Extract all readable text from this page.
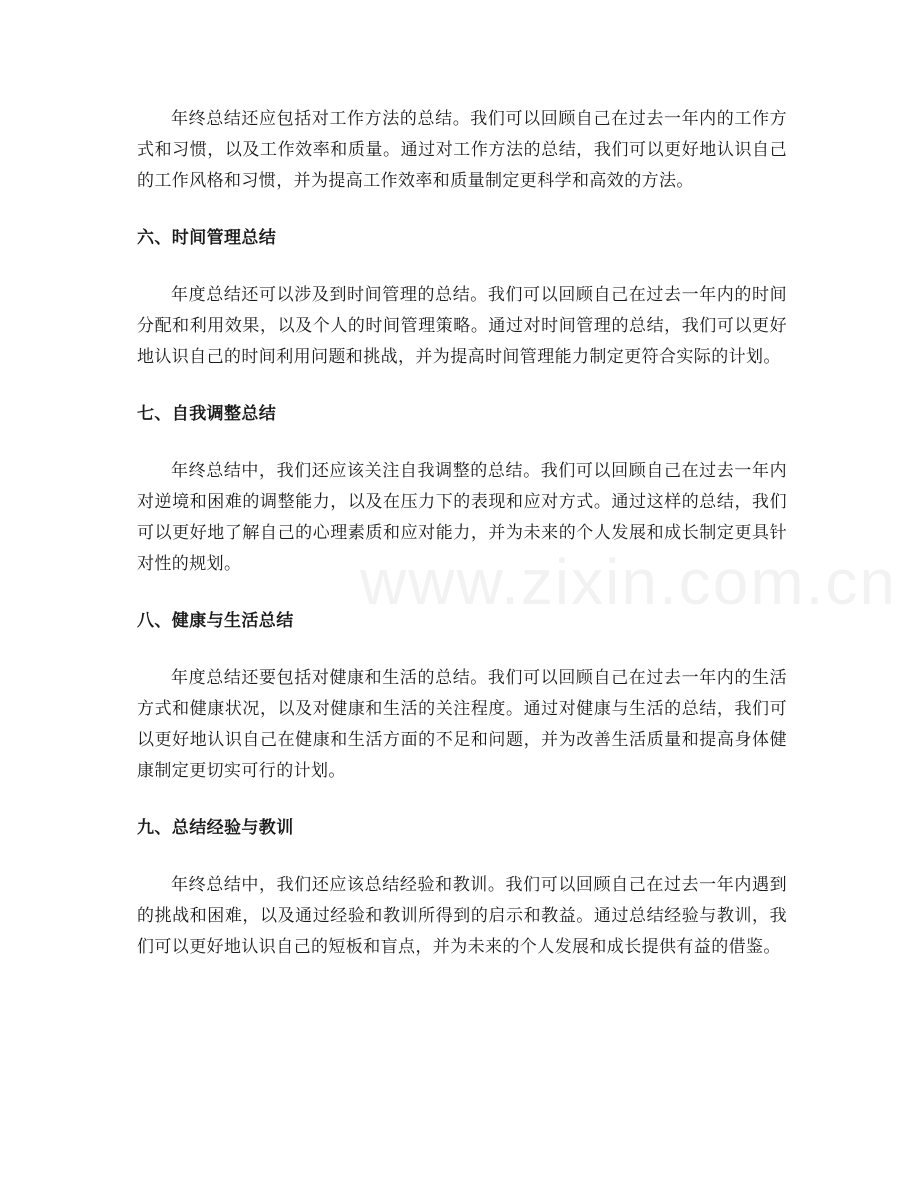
www.zixin.com.cn

年终总结还应包括对工作方法的总结。我们可以回顾自己在过去一年内的工作方式和习惯，以及工作效率和质量。通过对工作方法的总结，我们可以更好地认识自己的工作风格和习惯，并为提高工作效率和质量制定更科学和高效的方法。

六、时间管理总结

年度总结还可以涉及到时间管理的总结。我们可以回顾自己在过去一年内的时间分配和利用效果，以及个人的时间管理策略。通过对时间管理的总结，我们可以更好地认识自己的时间利用问题和挑战，并为提高时间管理能力制定更符合实际的计划。

七、自我调整总结

年终总结中，我们还应该关注自我调整的总结。我们可以回顾自己在过去一年内对逆境和困难的调整能力，以及在压力下的表现和应对方式。通过这样的总结，我们可以更好地了解自己的心理素质和应对能力，并为未来的个人发展和成长制定更具针对性的规划。

八、健康与生活总结

年度总结还要包括对健康和生活的总结。我们可以回顾自己在过去一年内的生活方式和健康状况，以及对健康和生活的关注程度。通过对健康与生活的总结，我们可以更好地认识自己在健康和生活方面的不足和问题，并为改善生活质量和提高身体健康制定更切实可行的计划。

九、总结经验与教训

年终总结中，我们还应该总结经验和教训。我们可以回顾自己在过去一年内遇到的挑战和困难，以及通过经验和教训所得到的启示和教益。通过总结经验与教训，我们可以更好地认识自己的短板和盲点，并为未来的个人发展和成长提供有益的借鉴。
